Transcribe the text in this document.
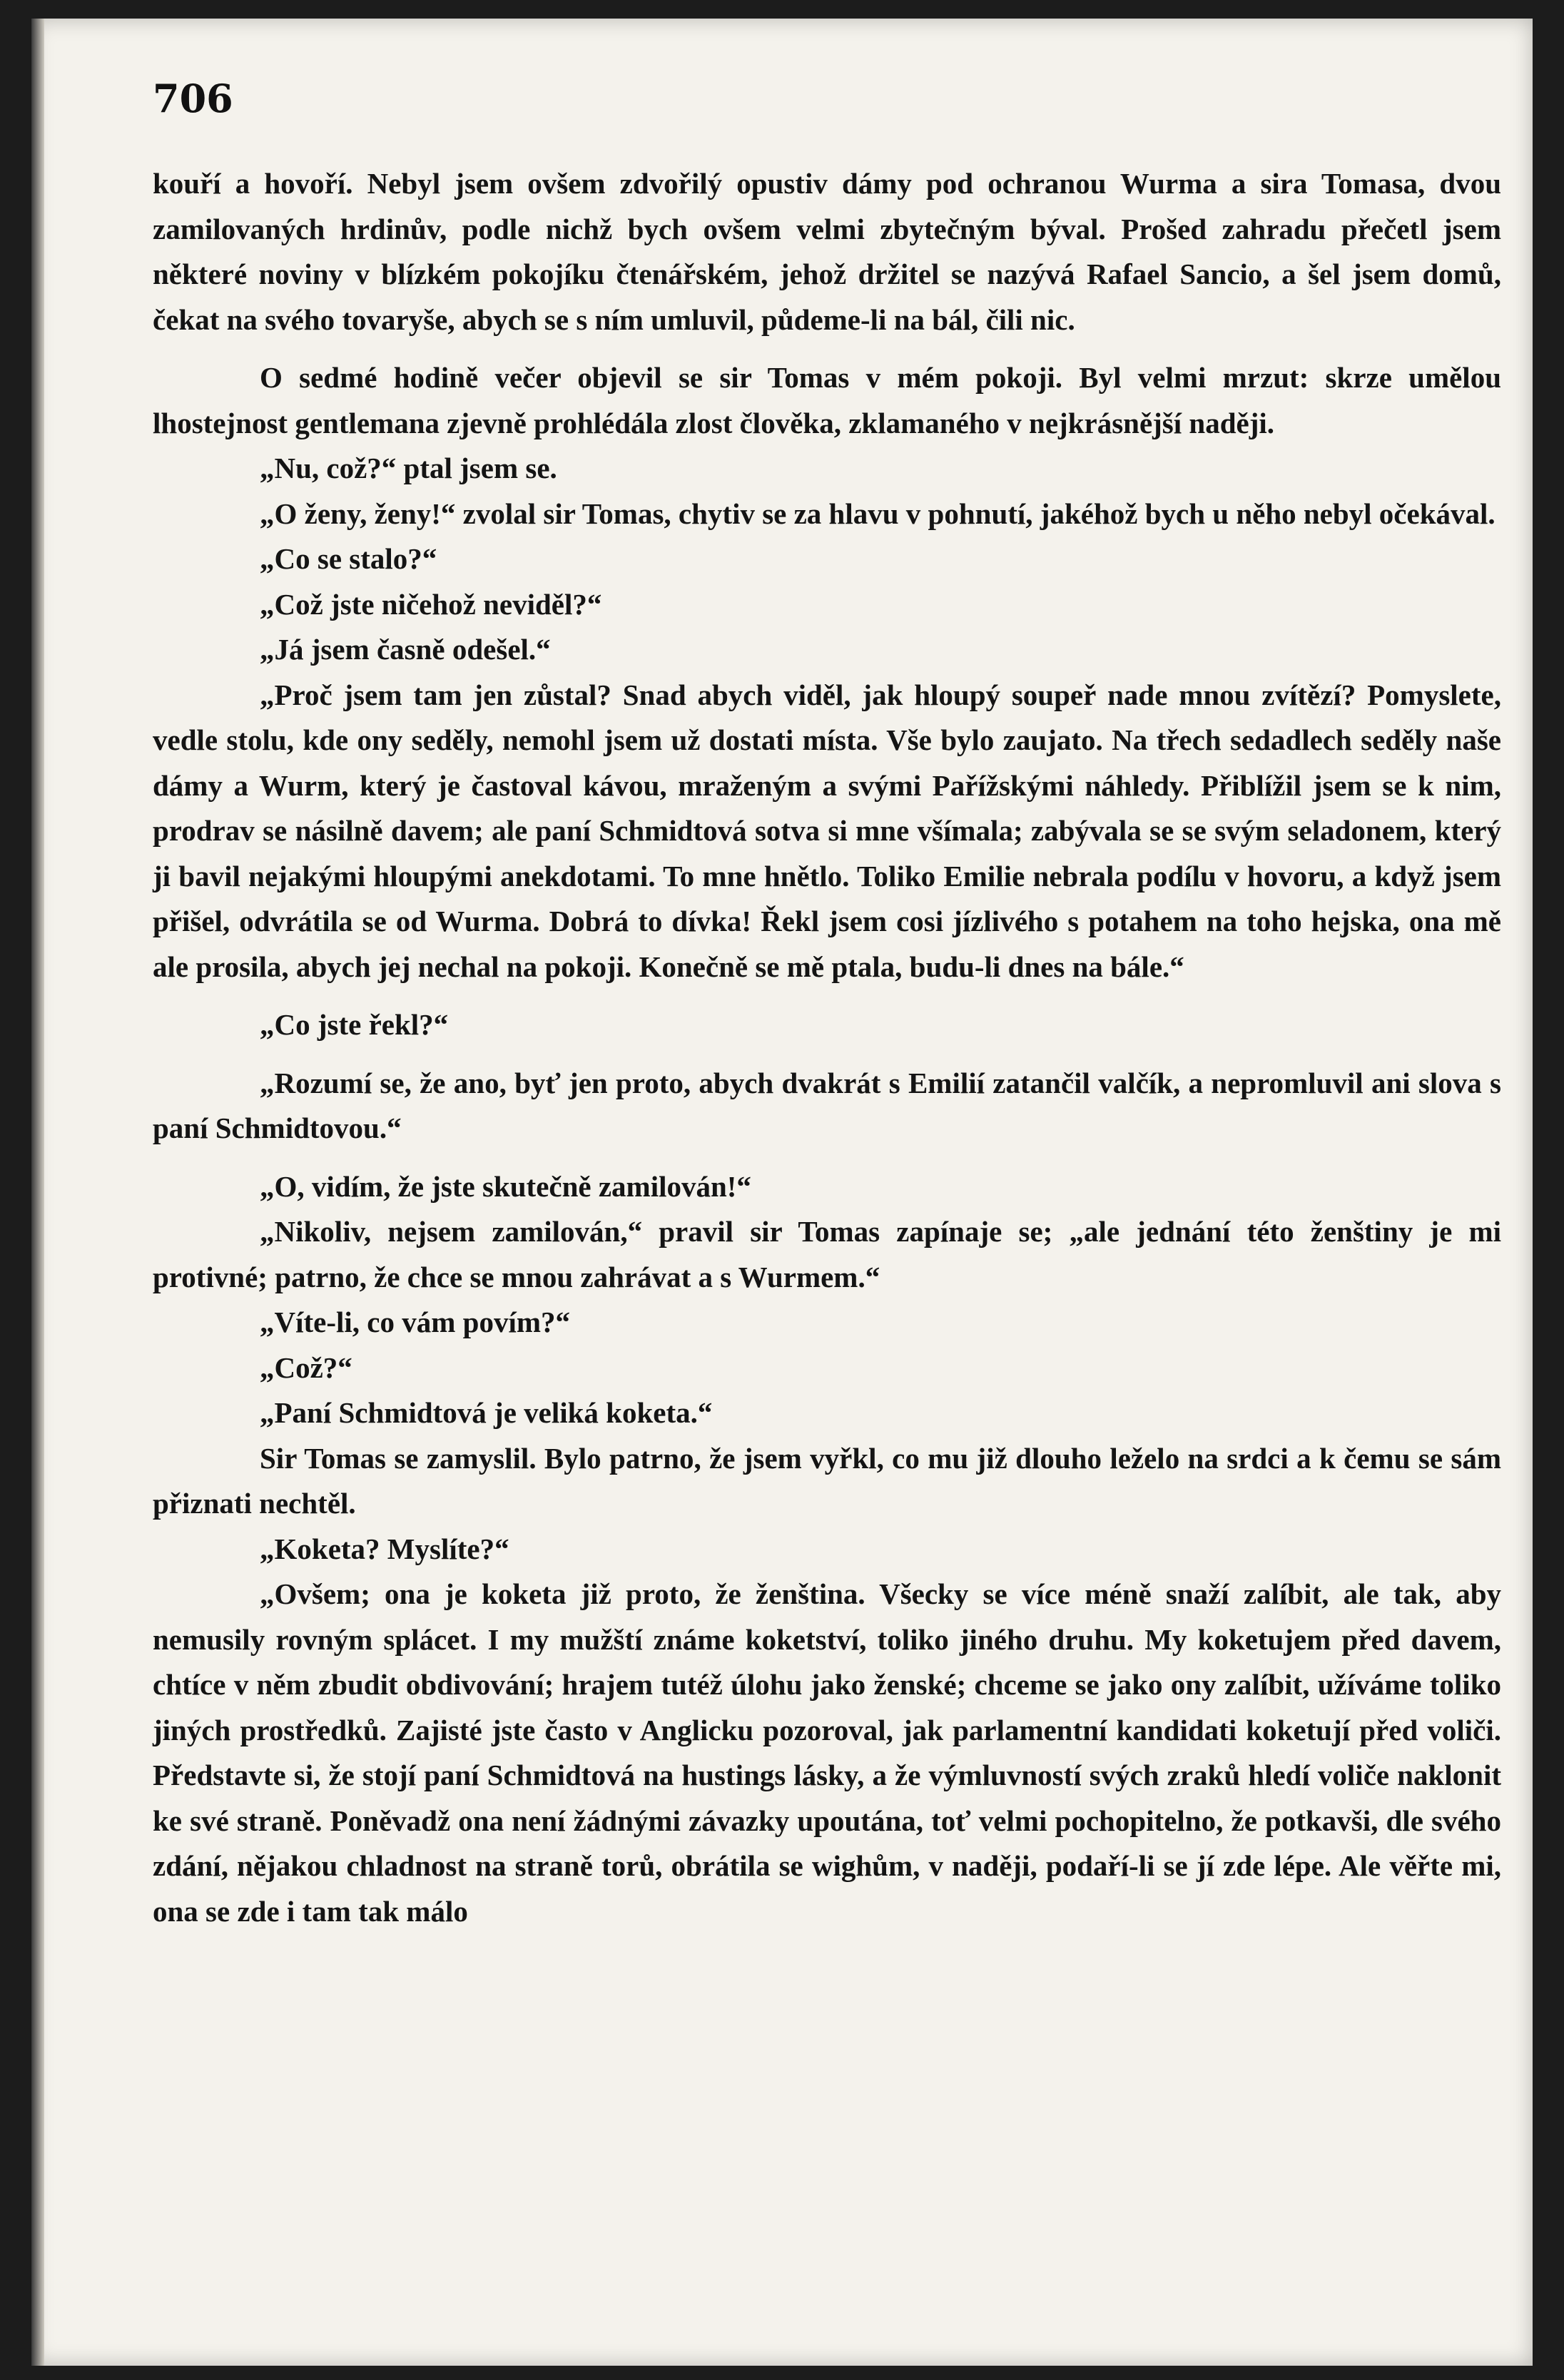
706

kouří a hovoří. Nebyl jsem ovšem zdvořilý opustiv dámy pod ochranou Wurma a sira Tomasa, dvou zamilovaných hrdinův, podle nichž bych ovšem velmi zbytečným býval. Prošed zahradu přečetl jsem některé noviny v blízkém pokojíku čtenářském, jehož držitel se nazývá Rafael Sancio, a šel jsem domů, čekat na svého tovaryše, abych se s ním umluvil, půdeme-li na bál, čili nic.

O sedmé hodině večer objevil se sir Tomas v mém pokoji. Byl velmi mrzut: skrze umělou lhostejnost gentlemana zjevně prohlédála zlost člověka, zklamaného v nejkrásnější naději.

„Nu, což?“ ptal jsem se.

„O ženy, ženy!“ zvolal sir Tomas, chytiv se za hlavu v pohnutí, jakéhož bych u něho nebyl očekával.

„Co se stalo?“

„Což jste ničehož neviděl?“

„Já jsem časně odešel.“

„Proč jsem tam jen zůstal? Snad abych viděl, jak hloupý soupeř nade mnou zvítězí? Pomyslete, vedle stolu, kde ony seděly, nemohl jsem už dostati místa. Vše bylo zaujato. Na třech sedadlech seděly naše dámy a Wurm, který je častoval kávou, mraženým a svými Pařížskými náhledy. Přiblížil jsem se k nim, prodrav se násilně davem; ale paní Schmidtová sotva si mne všímala; zabývala se se svým seladonem, který ji bavil nejakými hloupými anekdotami. To mne hnětlo. Toliko Emilie nebrala podílu v hovoru, a když jsem přišel, odvrátila se od Wurma. Dobrá to dívka! Řekl jsem cosi jízlivého s potahem na toho hejska, ona mě ale prosila, abych jej nechal na pokoji. Konečně se mě ptala, budu-li dnes na bále.“

„Co jste řekl?“

„Rozumí se, že ano, byť jen proto, abych dvakrát s Emilií zatančil valčík, a nepromluvil ani slova s paní Schmidtovou.“

„O, vidím, že jste skutečně zamilován!“

„Nikoliv, nejsem zamilován,“ pravil sir Tomas zapínaje se; „ale jednání této ženštiny je mi protivné; patrno, že chce se mnou zahrávat a s Wurmem.“

„Víte-li, co vám povím?“

„Což?“

„Paní Schmidtová je veliká koketa.“

Sir Tomas se zamyslil. Bylo patrno, že jsem vyřkl, co mu již dlouho leželo na srdci a k čemu se sám přiznati nechtěl.

„Koketa? Myslíte?“

„Ovšem; ona je koketa již proto, že ženština. Všecky se více méně snaží zalíbit, ale tak, aby nemusily rovným splácet. I my mužští známe koketství, toliko jiného druhu. My koketujem před davem, chtíce v něm zbudit obdivování; hrajem tutéž úlohu jako ženské; chceme se jako ony zalíbit, užíváme toliko jiných prostředků. Zajisté jste často v Anglicku pozoroval, jak parlamentní kandidati koketují před voliči. Představte si, že stojí paní Schmidtová na hustings lásky, a že výmluvností svých zraků hledí voliče naklonit ke své straně. Poněvadž ona není žádnými závazky upoutána, toť velmi pochopitelno, že potkavši, dle svého zdání, nějakou chladnost na straně torů, obrátila se wighům, v naději, podaří-li se jí zde lépe. Ale věřte mi, ona se zde i tam tak málo
